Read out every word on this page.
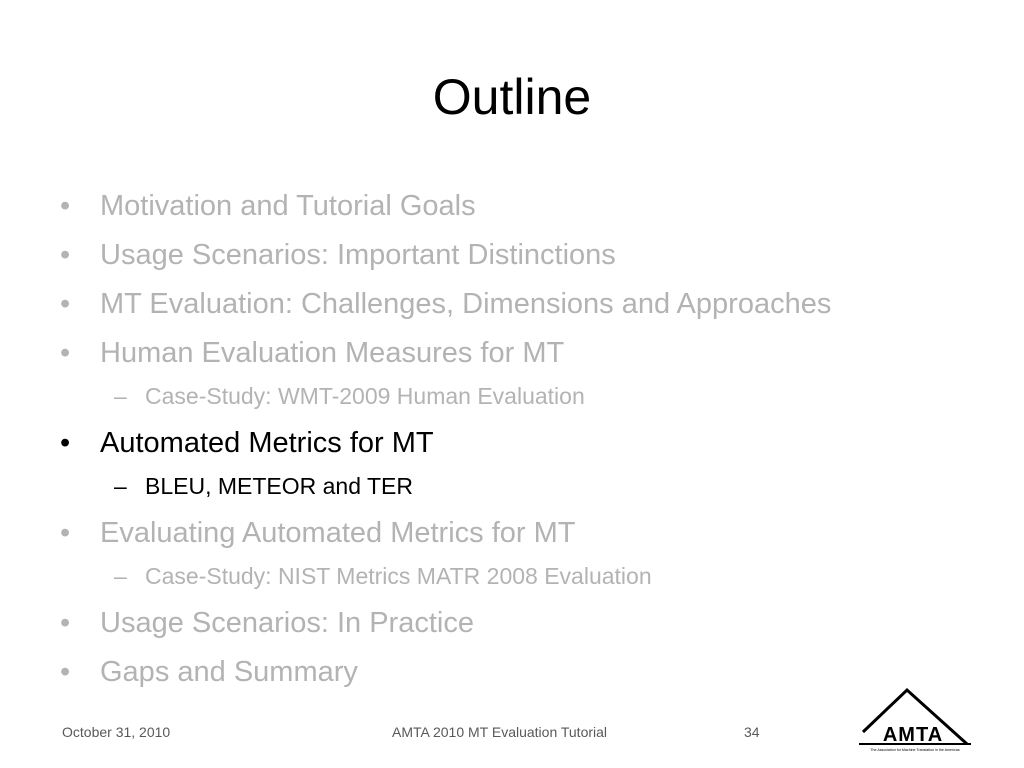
Outline
•	Motivation and Tutorial Goals
•	Usage Scenarios: Important Distinctions
•	MT Evaluation: Challenges, Dimensions and Approaches
•	Human Evaluation Measures for MT
– Case-Study: WMT-2009 Human Evaluation
•	Automated Metrics for MT
– BLEU, METEOR and TER
•	Evaluating Automated Metrics for MT
– Case-Study: NIST Metrics MATR 2008 Evaluation
•	Usage Scenarios: In Practice
•	Gaps and Summary
October 31, 2010	AMTA 2010 MT Evaluation Tutorial	34	AMTA
The Association for Machine Translation in the Americas
